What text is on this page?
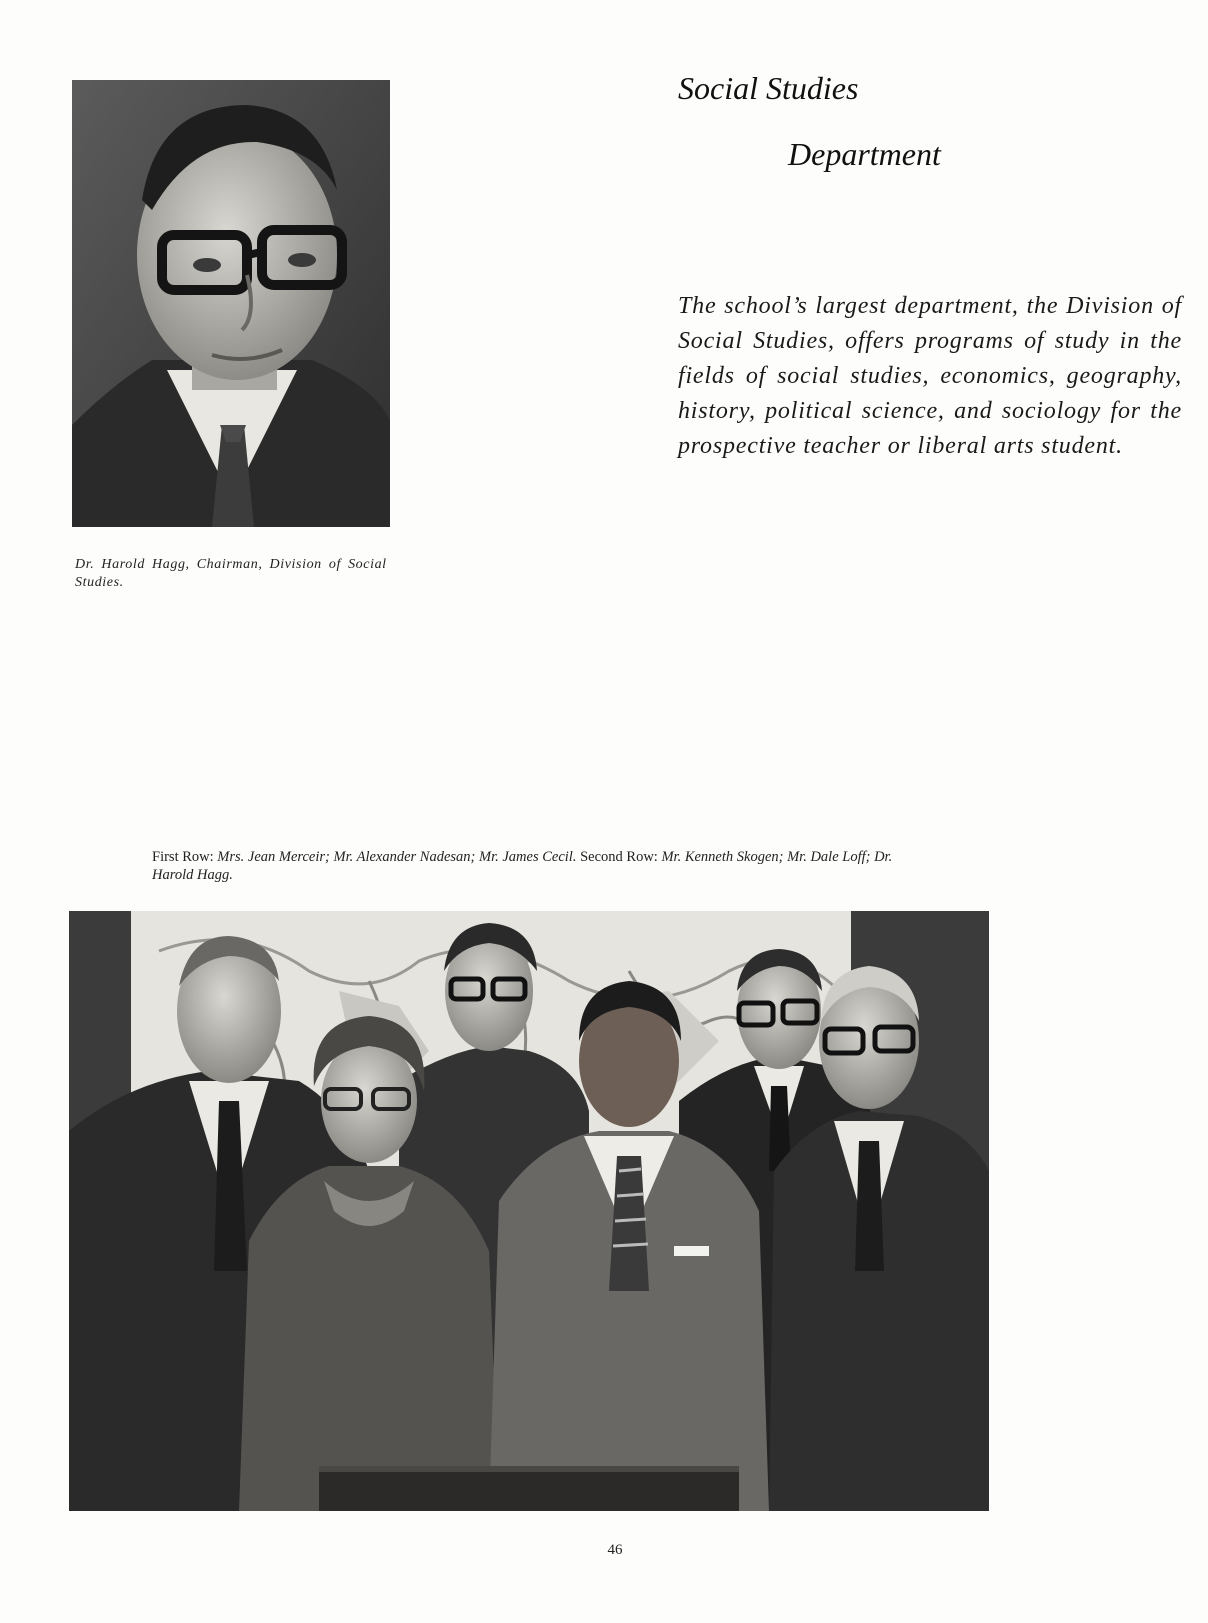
Dr. Harold Hagg, Chairman, Division of Social Studies.

Social Studies
Department

The school’s largest department, the Division of Social Studies, offers programs of study in the fields of social studies, economics, geography, history, political science, and sociology for the prospective teacher or liberal arts student.

First Row: Mrs. Jean Merceir; Mr. Alexander Nadesan; Mr. James Cecil. Second Row: Mr. Kenneth Skogen; Mr. Dale Loff; Dr. Harold Hagg.

46
